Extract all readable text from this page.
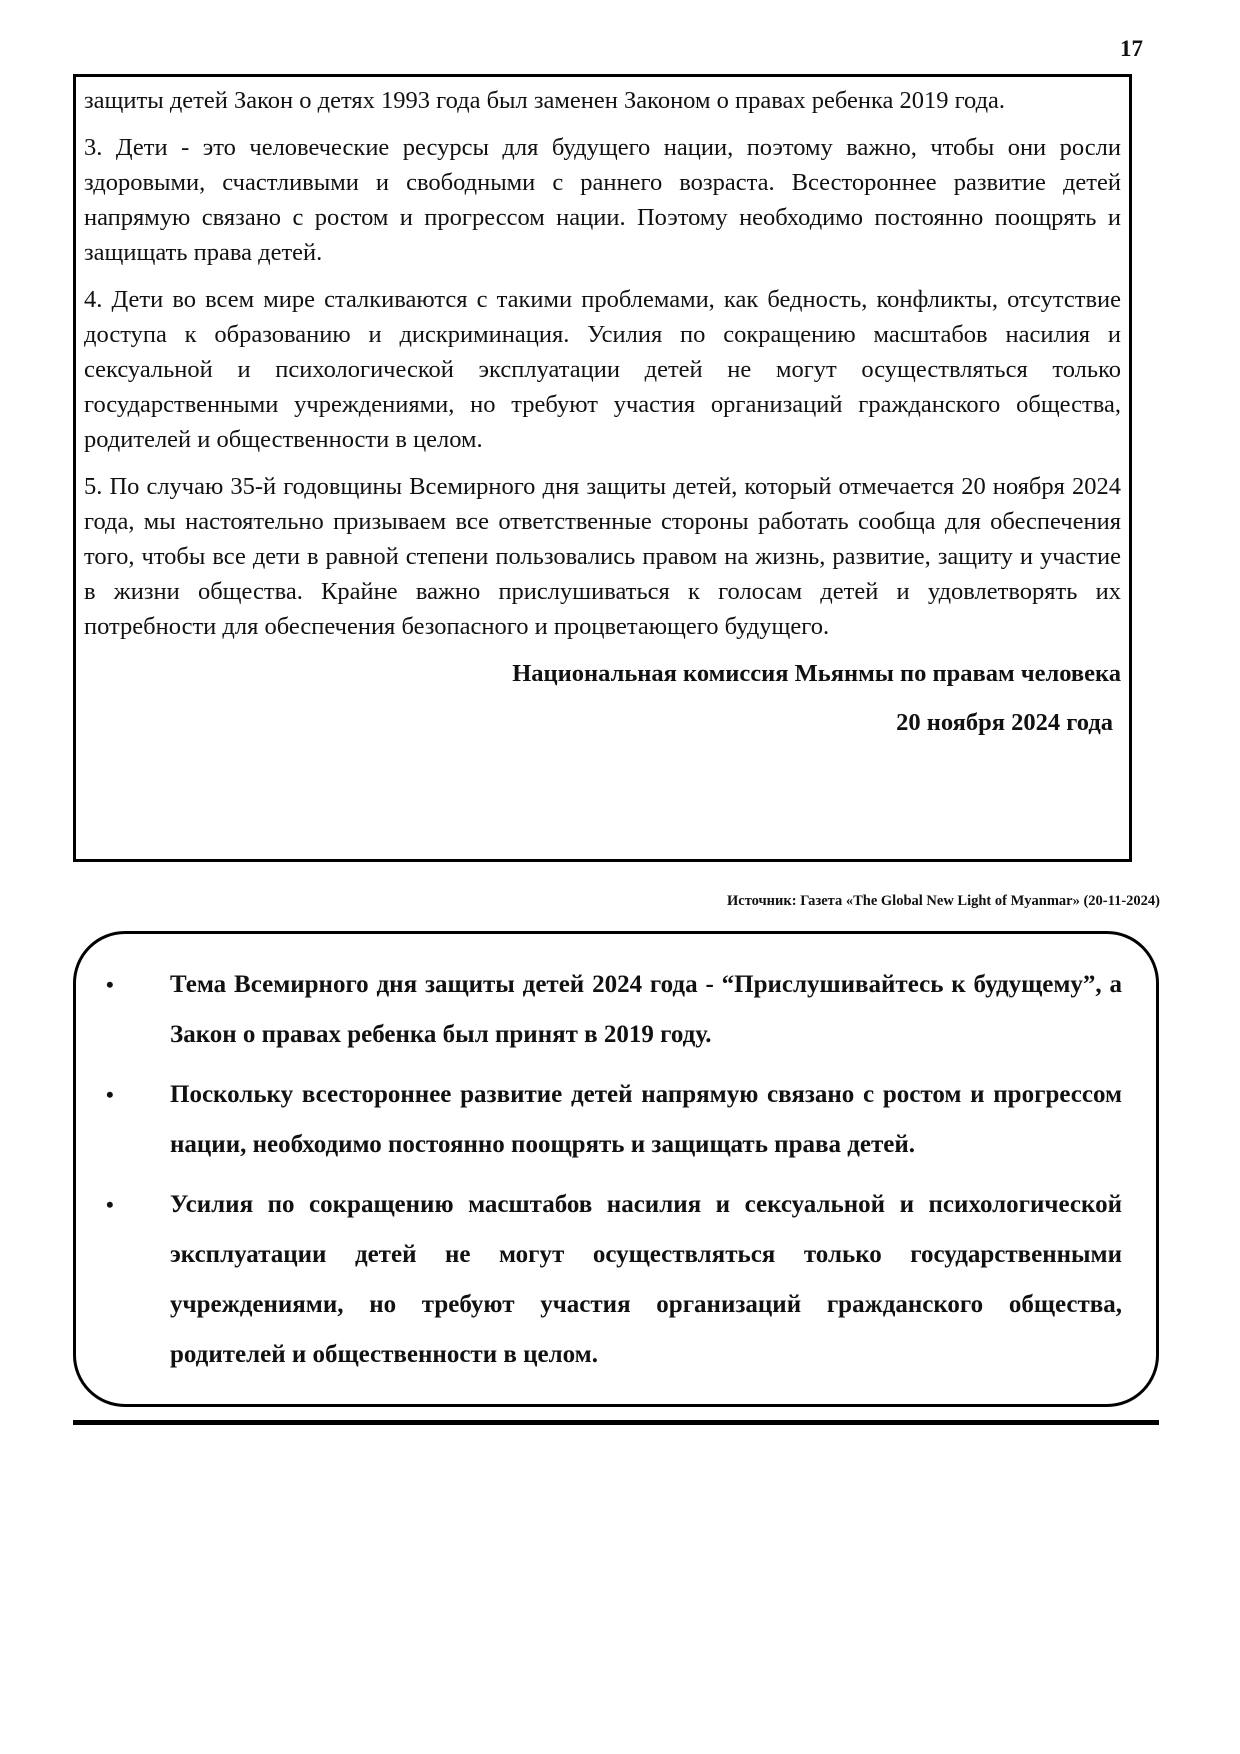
17

защиты детей Закон о детях 1993 года был заменен Законом о правах ребенка 2019 года.

3. Дети - это человеческие ресурсы для будущего нации, поэтому важно, чтобы они росли здоровыми, счастливыми и свободными с раннего возраста. Всестороннее развитие детей напрямую связано с ростом и прогрессом нации. Поэтому необходимо постоянно поощрять и защищать права детей.

4. Дети во всем мире сталкиваются с такими проблемами, как бедность, конфликты, отсутствие доступа к образованию и дискриминация. Усилия по сокращению масштабов насилия и сексуальной и психологической эксплуатации детей не могут осуществляться только государственными учреждениями, но требуют участия организаций гражданского общества, родителей и общественности в целом.

5. По случаю 35-й годовщины Всемирного дня защиты детей, который отмечается 20 ноября 2024 года, мы настоятельно призываем все ответственные стороны работать сообща для обеспечения того, чтобы все дети в равной степени пользовались правом на жизнь, развитие, защиту и участие в жизни общества. Крайне важно прислушиваться к голосам детей и удовлетворять их потребности для обеспечения безопасного и процветающего будущего.

Национальная комиссия Мьянмы по правам человека
20 ноября 2024 года
Источник: Газета «The Global New Light of Myanmar» (20-11-2024)
• Тема Всемирного дня защиты детей 2024 года - “Прислушивайтесь к будущему”, а Закон о правах ребенка был принят в 2019 году.
• Поскольку всестороннее развитие детей напрямую связано с ростом и прогрессом нации, необходимо постоянно поощрять и защищать права детей.
• Усилия по сокращению масштабов насилия и сексуальной и психологической эксплуатации детей не могут осуществляться только государственными учреждениями, но требуют участия организаций гражданского общества, родителей и общественности в целом.
